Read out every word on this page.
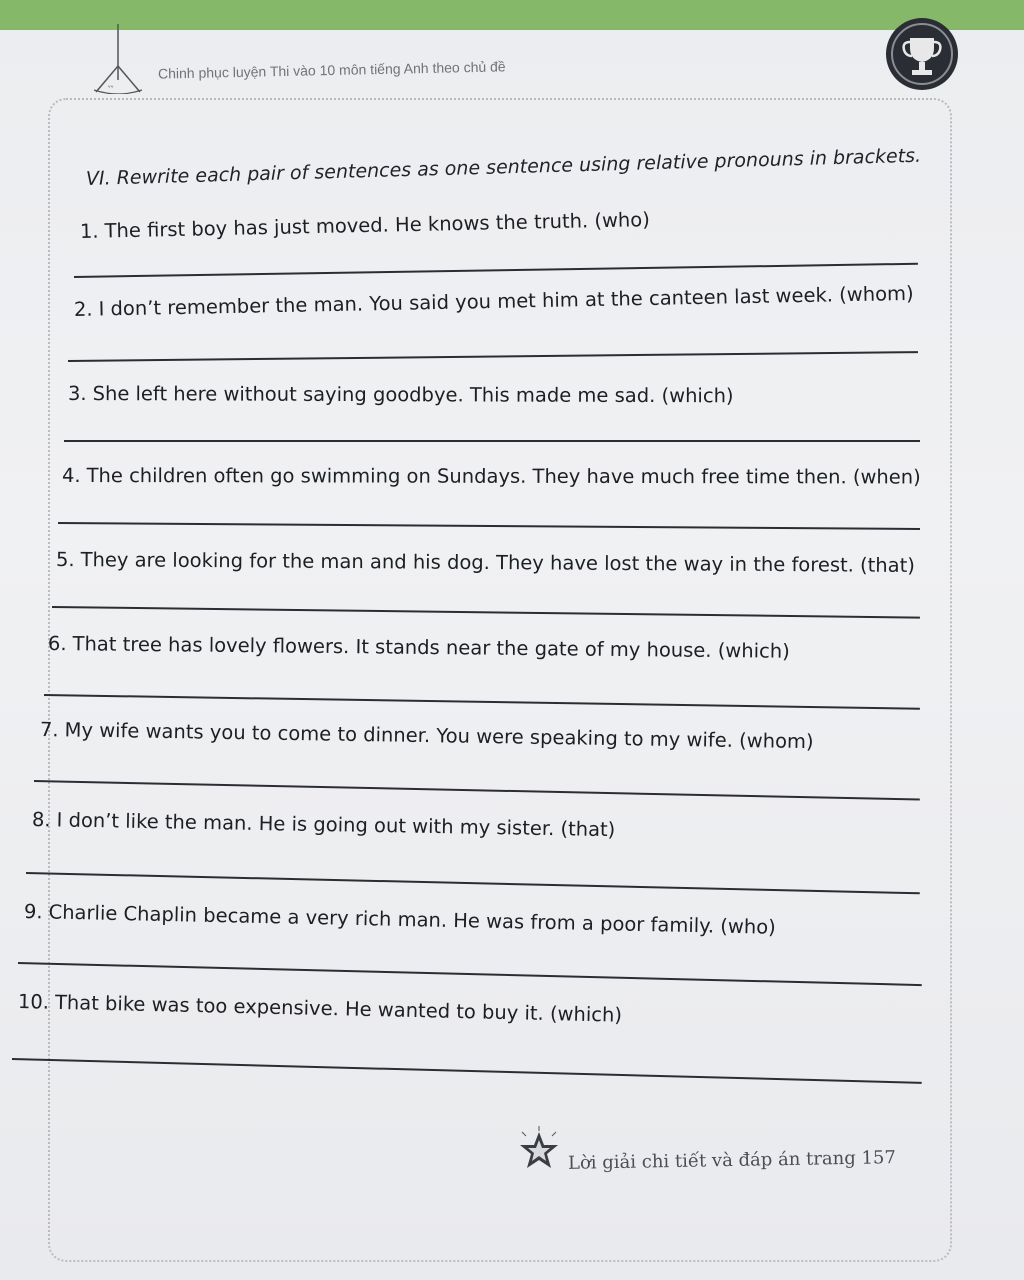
ᵛᵛ
Chinh phục luyện Thi vào 10 môn tiếng Anh theo chủ đề
VI. Rewrite each pair of sentences as one sentence using relative pronouns in brackets.
1. The first boy has just moved. He knows the truth. (who)
2. I don’t remember the man. You said you met him at the canteen last week. (whom)
3. She left here without saying goodbye. This made me sad. (which)
4. The children often go swimming on Sundays. They have much free time then. (when)
5. They are looking for the man and his dog. They have lost the way in the forest. (that)
6. That tree has lovely flowers. It stands near the gate of my house. (which)
7. My wife wants you to come to dinner. You were speaking to my wife. (whom)
8. I don’t like the man. He is going out with my sister. (that)
9. Charlie Chaplin became a very rich man. He was from a poor family. (who)
10. That bike was too expensive. He wanted to buy it. (which)
Lời giải chi tiết và đáp án trang 157
